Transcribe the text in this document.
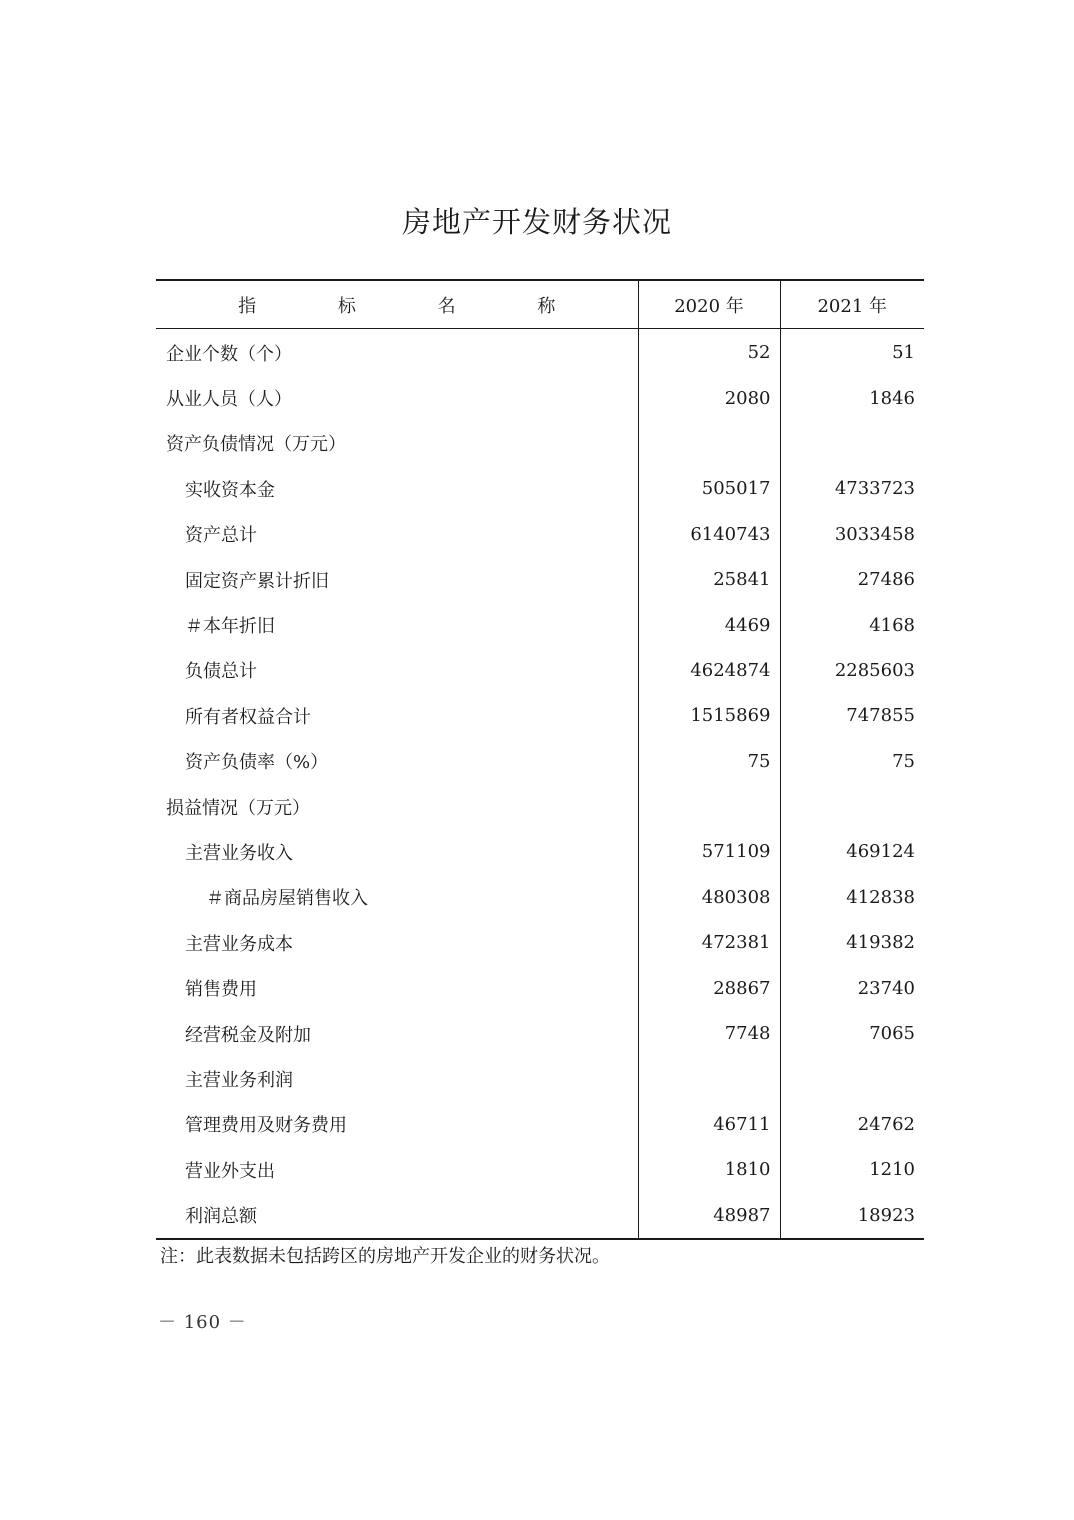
房地产开发财务状况
指 标 名 称	2020 年	2021 年
企业个数（个）	52	51
从业人员（人）	2080	1846
资产负债情况（万元）		
实收资本金	505017	4733723
资产总计	6140743	3033458
固定资产累计折旧	25841	27486
＃本年折旧	4469	4168
负债总计	4624874	2285603
所有者权益合计	1515869	747855
资产负债率（%）	75	75
损益情况（万元）		
主营业务收入	571109	469124
＃商品房屋销售收入	480308	412838
主营业务成本	472381	419382
销售费用	28867	23740
经营税金及附加	7748	7065
主营业务利润		
管理费用及财务费用	46711	24762
营业外支出	1810	1210
利润总额	48987	18923
注：此表数据未包括跨区的房地产开发企业的财务状况。
－ 160 －
